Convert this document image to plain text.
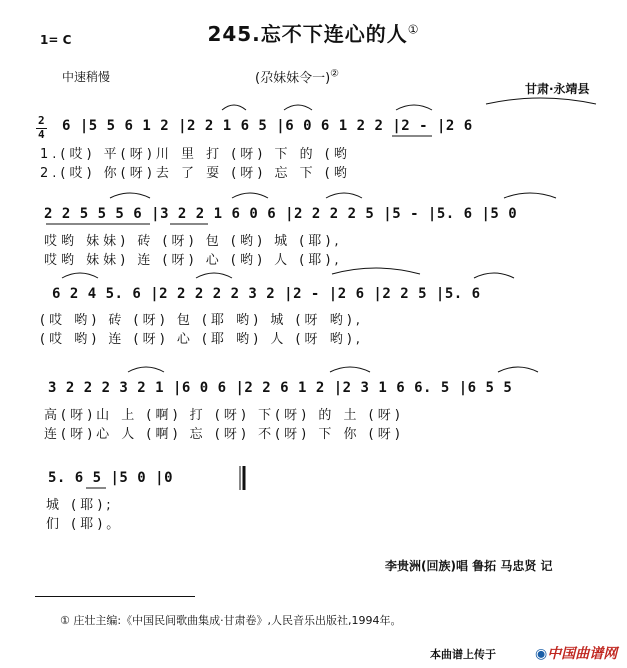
245.忘不下连心的人①
1= C
中速稍慢	(尕妹妹令一)②
甘肃·永靖县
2
4
6 |5 5 6 1 2 |2 2 1 6 5 |6 0 6 1 2 2 |2 - |2 6
1.(哎) 平(呀)川 里 打 (呀) 下 的 (哟
2.(哎) 你(呀)去 了 耍 (呀) 忘 下 (哟
2 2 5 5 5 6 |3 2 2 1 6 0 6 |2 2 2 2 5 |5 - |5. 6 |5 0
哎哟 妹妹) 砖 (呀) 包 (哟) 城 (耶),
哎哟 妹妹) 连 (呀) 心 (哟) 人 (耶),
6 2 4 5. 6 |2 2 2 2 2 3 2 |2 - |2 6 |2 2 5 |5. 6
(哎 哟) 砖 (呀) 包 (耶 哟) 城 (呀 哟),
(哎 哟) 连 (呀) 心 (耶 哟) 人 (呀 哟),
3 2 2 2 3 2 1 |6 0 6 |2 2 6 1 2 |2 3 1 6 6. 5 |6 5 5
高(呀)山 上 (啊) 打 (呀) 下(呀) 的 土 (呀)
连(呀)心 人 (啊) 忘 (呀) 不(呀) 下 你 (呀)
5. 6 5 |5 0 |0
城 (耶);
们 (耶)。
李贵洲(回族)唱 鲁拓 马忠贤 记
① 庄壮主编:《中国民间歌曲集成·甘肃卷》,人民音乐出版社,1994年。
本曲谱上传于	◉中国曲谱网
